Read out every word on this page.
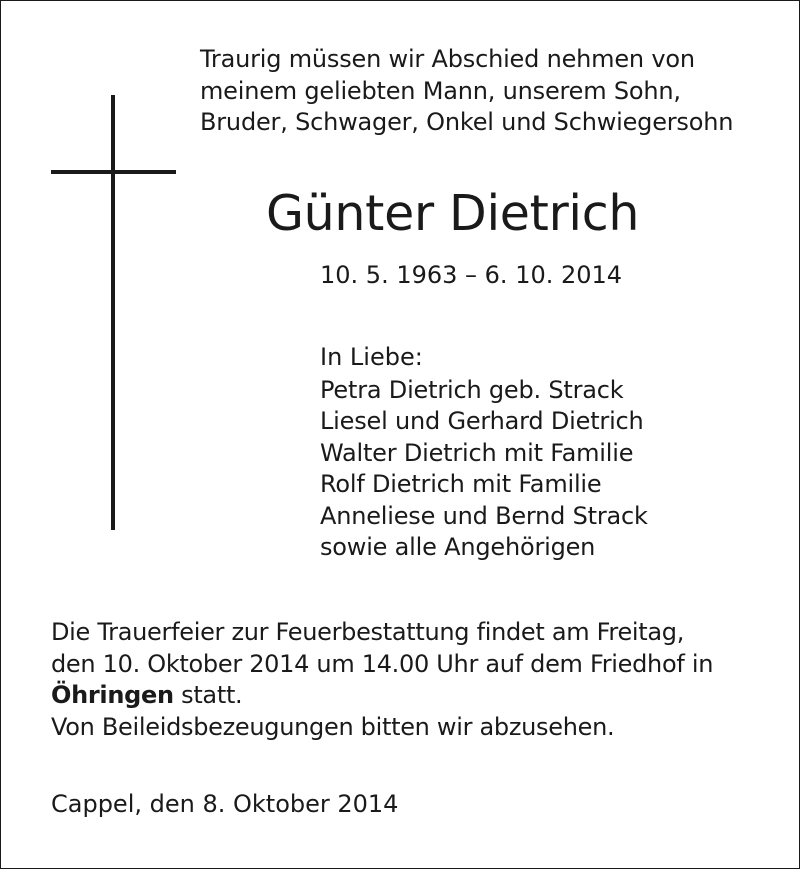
Traurig müssen wir Abschied nehmen von
meinem geliebten Mann, unserem Sohn,
Bruder, Schwager, Onkel und Schwiegersohn
Günter Dietrich
10. 5. 1963 – 6. 10. 2014
In Liebe:
Petra Dietrich geb. Strack
Liesel und Gerhard Dietrich
Walter Dietrich mit Familie
Rolf Dietrich mit Familie
Anneliese und Bernd Strack
sowie alle Angehörigen
Die Trauerfeier zur Feuerbestattung findet am Freitag,
den 10. Oktober 2014 um 14.00 Uhr auf dem Friedhof in
Öhringen statt.
Von Beileidsbezeugungen bitten wir abzusehen.
Cappel, den 8. Oktober 2014
